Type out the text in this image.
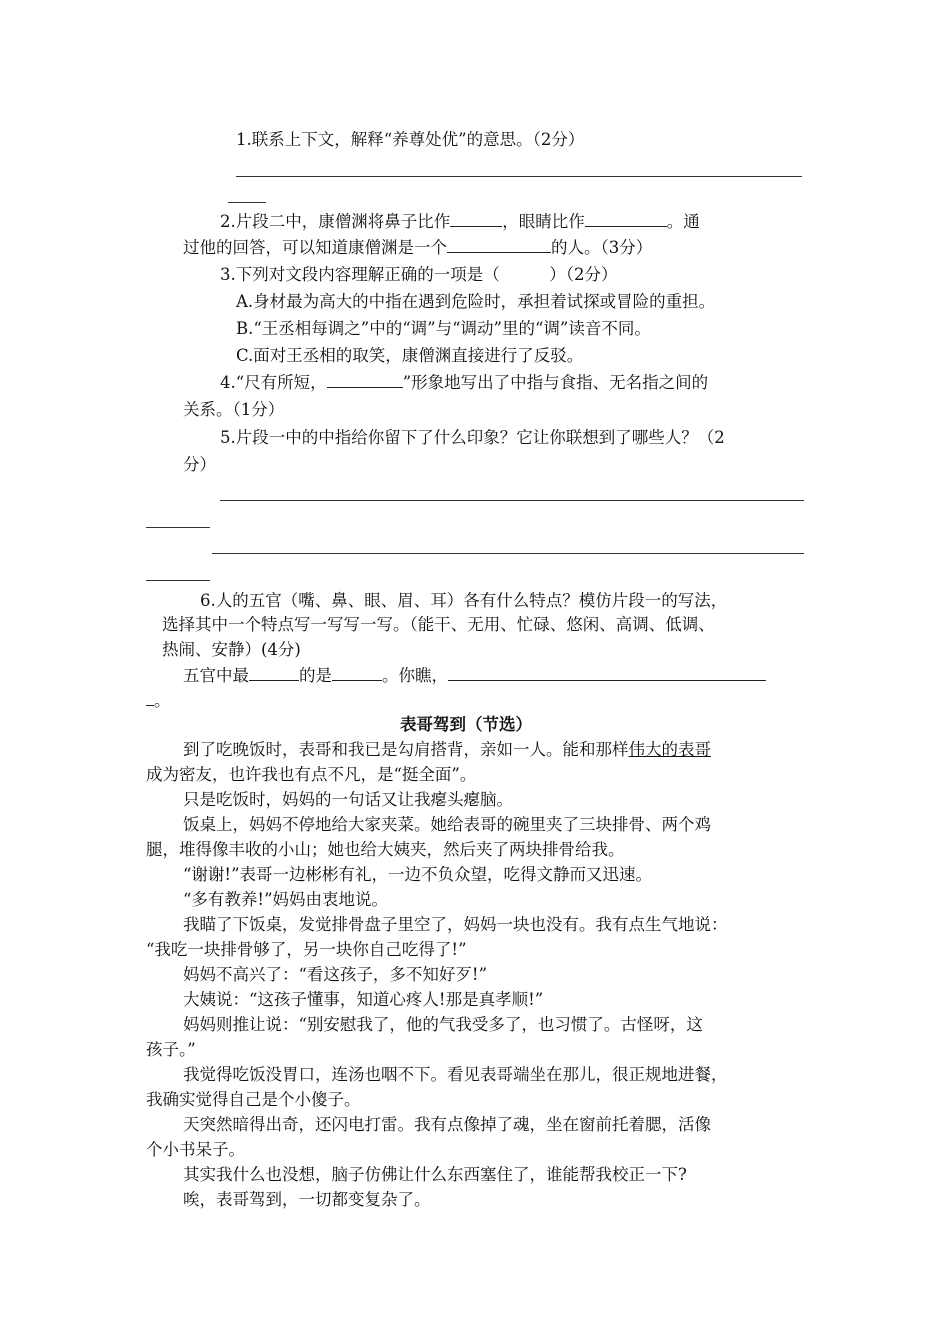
1.联系上下文，解释“养尊处优”的意思。（2分）
2.片段二中，康僧渊将鼻子比作	，眼睛比作	。通
过他的回答，可以知道康僧渊是一个	的人。（3分）
3.下列对文段内容理解正确的一项是（　　　）（2分）
A.身材最为高大的中指在遇到危险时，承担着试探或冒险的重担。
B.“王丞相每调之”中的“调”与“调动”里的“调”读音不同。
C.面对王丞相的取笑，康僧渊直接进行了反驳。
4.“尺有所短，	”形象地写出了中指与食指、无名指之间的
关系。（1分）
5.片段一中的中指给你留下了什么印象？它让你联想到了哪些人？（2
分）
6.人的五官（嘴、鼻、眼、眉、耳）各有什么特点？模仿片段一的写法，
选择其中一个特点写一写写一写。（能干、无用、忙碌、悠闲、高调、低调、
热闹、安静）(4分)
五官中最	的是	。你瞧，
。
表哥驾到（节选）
到了吃晚饭时，表哥和我已是勾肩搭背，亲如一人。能和那样伟大的表哥
成为密友，也许我也有点不凡，是“挺全面”。
只是吃饭时，妈妈的一句话又让我瘪头瘪脑。
饭桌上，妈妈不停地给大家夹菜。她给表哥的碗里夹了三块排骨、两个鸡
腿，堆得像丰收的小山；她也给大姨夹，然后夹了两块排骨给我。
“谢谢!”表哥一边彬彬有礼，一边不负众望，吃得文静而又迅速。
“多有教养!”妈妈由衷地说。
我瞄了下饭桌，发觉排骨盘子里空了，妈妈一块也没有。我有点生气地说：
“我吃一块排骨够了，另一块你自己吃得了!”
妈妈不高兴了：“看这孩子，多不知好歹!”
大姨说：“这孩子懂事，知道心疼人!那是真孝顺!”
妈妈则推让说：“别安慰我了，他的气我受多了，也习惯了。古怪呀，这
孩子。”
我觉得吃饭没胃口，连汤也咽不下。看见表哥端坐在那儿，很正规地进餐，
我确实觉得自己是个小傻子。
天突然暗得出奇，还闪电打雷。我有点像掉了魂，坐在窗前托着腮，活像
个小书呆子。
其实我什么也没想，脑子仿佛让什么东西塞住了，谁能帮我校正一下?
唉，表哥驾到，一切都变复杂了。
